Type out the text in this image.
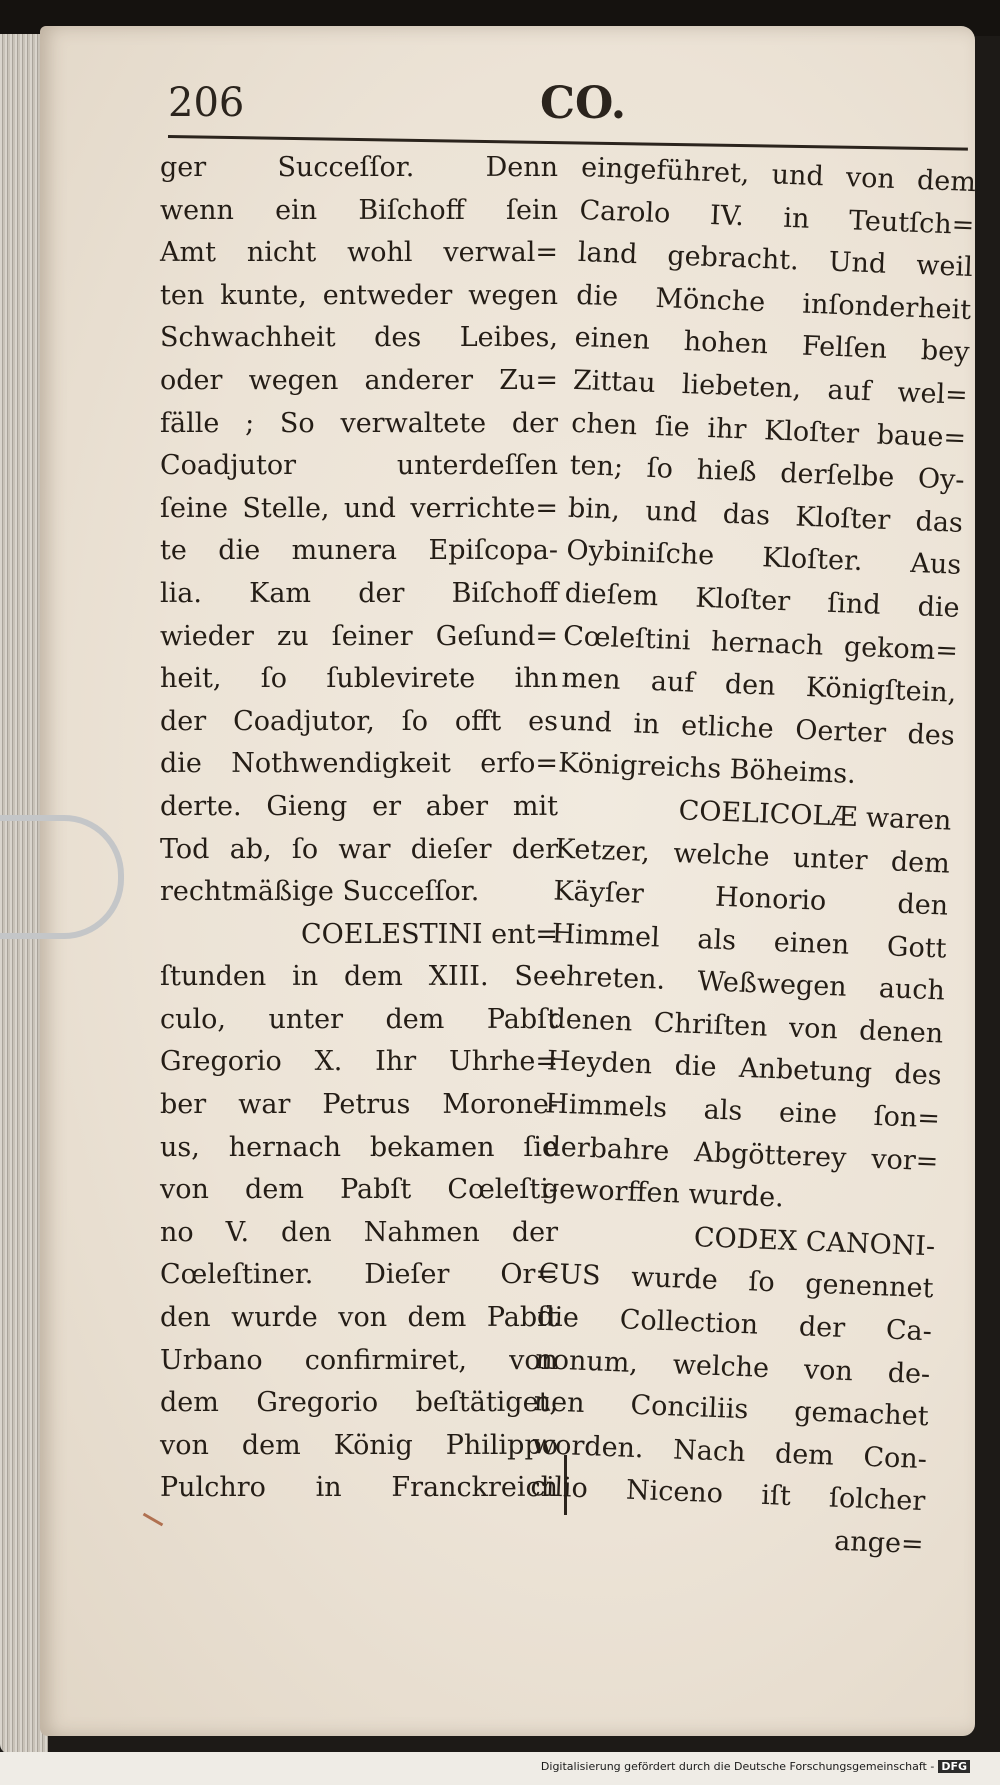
206	CO.
ger Succeſſor. Denn
wenn ein Biſchoff ſein
Amt nicht wohl verwal=
ten kunte, entweder wegen
Schwachheit des Leibes,
oder wegen anderer Zu=
fälle ; So verwaltete der
Coadjutor unterdeſſen
ſeine Stelle, und verrichte=
te die munera Epiſcopa-
lia. Kam der Biſchoff
wieder zu ſeiner Geſund=
heit, ſo ſublevirete ihn
der Coadjutor, ſo offt es
die Nothwendigkeit erfo=
derte. Gieng er aber mit
Tod ab, ſo war dieſer der
rechtmäßige Succeſſor.
COELESTINI ent=
ſtunden in dem XIII. Se-
culo, unter dem Pabſt
Gregorio X. Ihr Uhrhe=
ber war Petrus Morone-
us, hernach bekamen ſie
von dem Pabſt Cœleſti-
no V. den Nahmen der
Cœleſtiner. Dieſer Or=
den wurde von dem Pabſt
Urbano confirmiret, von
dem Gregorio beſtätiget,
von dem König Philippo
Pulchro in Franckreich
eingeführet, und von dem
Carolo IV. in Teutſch=
land gebracht. Und weil
die Mönche inſonderheit
einen hohen Felſen bey
Zittau liebeten, auf wel=
chen ſie ihr Kloſter baue=
ten; ſo hieß derſelbe Oy-
bin, und das Kloſter das
Oybiniſche Kloſter. Aus
dieſem Kloſter ſind die
Cœleſtini hernach gekom=
men auf den Königſtein,
und in etliche Oerter des
Königreichs Böheims.
COELICOLÆ waren
Ketzer, welche unter dem
Käyſer Honorio den
Himmel als einen Gott
ehreten. Weßwegen auch
denen Chriſten von denen
Heyden die Anbetung des
Himmels als eine ſon=
derbahre Abgötterey vor=
geworffen wurde.
CODEX CANONI-
CUS wurde ſo genennet
die Collection der Ca-
nonum, welche von de-
nen Conciliis gemachet
worden. Nach dem Con-
cilio Niceno iſt ſolcher
ange=
Digitalisierung gefördert durch die Deutsche Forschungsgemeinschaft - DFG
